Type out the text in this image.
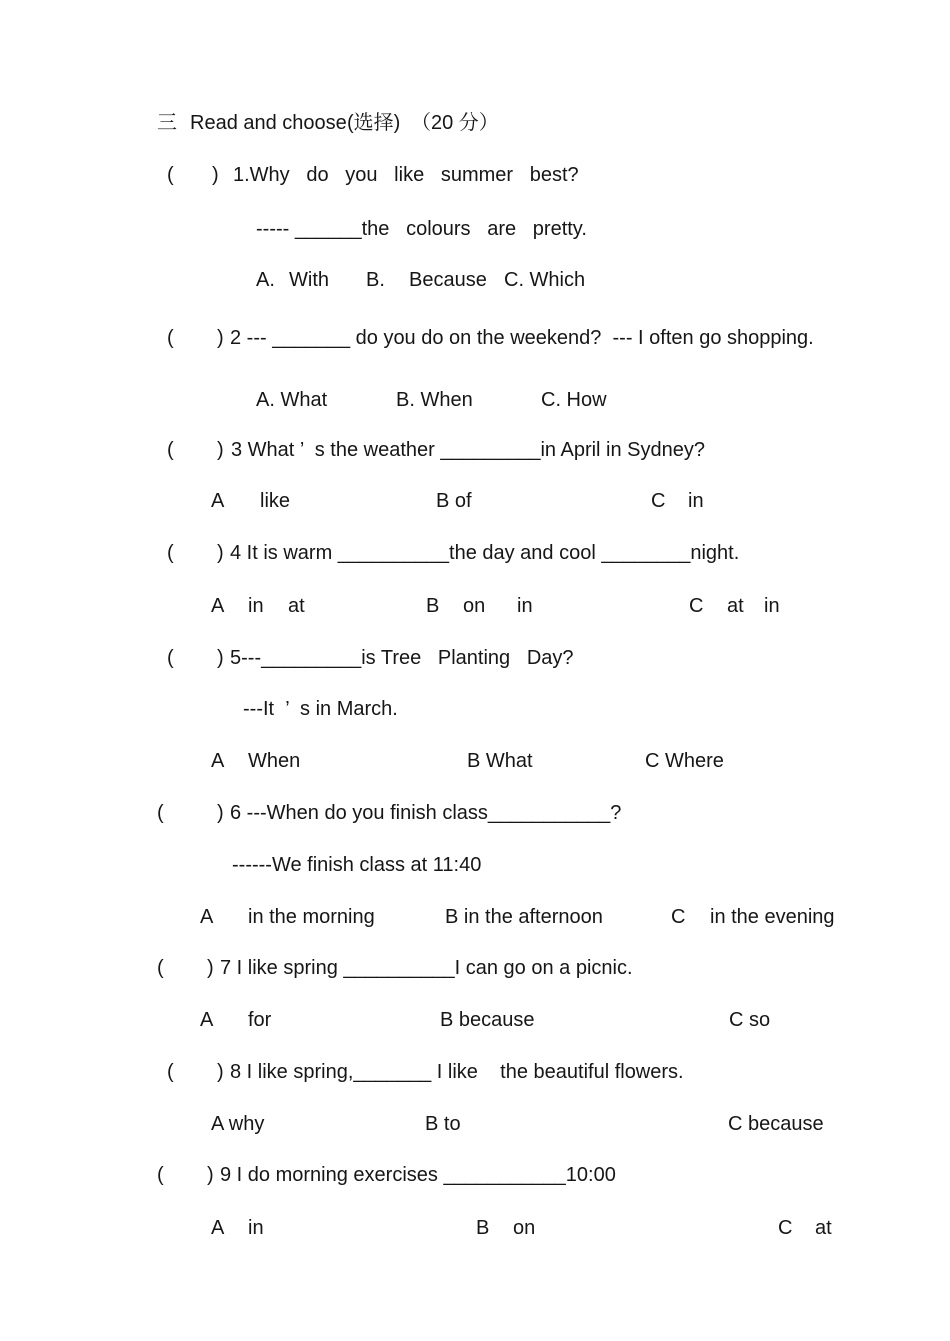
三 Read and choose (选择) （20 分）
( ) 1.Why   do   you   like   summer   best?
----- ______the   colours   are   pretty.
A. With B. Because C. Which
( ) 2 --- _______ do you do on the weekend?  --- I often go shopping.
A. What	B. When	C. How
( ) 3 What ’  s the weather _________in April in Sydney?
A like	B of	C in
( ) 4 It is warm __________the day and cool ________night.
A in at	B on in	C at in
( ) 5---_________is Tree   Planting   Day?
---It  ’  s in March.
A When	B What	C Where
(	) 6 ---When do you finish class___________?
------We finish class at 11:40
A in the morning	B in the afternoon	C in the evening
( ) 7 I like spring __________I can go on a picnic.
A for	B because	C so
( ) 8 I like spring,_______ I like    the beautiful flowers.
A why	B to	C because
( ) 9 I do morning exercises ___________10:00
A in	B on	C at
